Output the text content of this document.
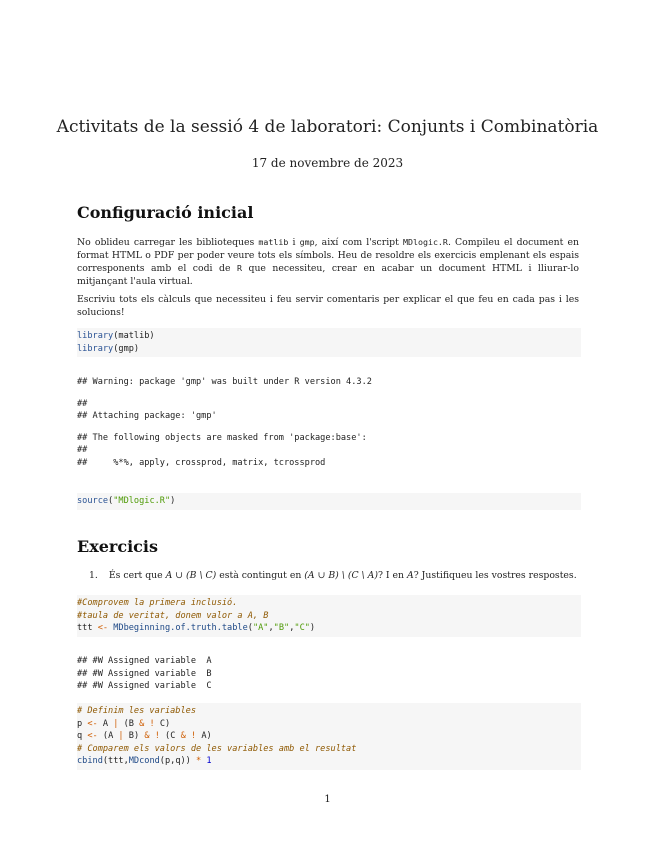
Activitats de la sessió 4 de laboratori: Conjunts i Combinatòria
17 de novembre de 2023
Configuració inicial

No oblideu carregar les biblioteques matlib i gmp, així com l'script MDlogic.R. Compileu el document en format HTML o PDF per poder veure tots els símbols. Heu de resoldre els exercicis emplenant els espais corresponents amb el codi de R que necessiteu, crear en acabar un document HTML i lliurar-lo mitjançant l'aula virtual.

Escriviu tots els càlculs que necessiteu i feu servir comentaris per explicar el que feu en cada pas i les solucions!

library(matlib)
library(gmp)
## Warning: package 'gmp' was built under R version 4.3.2
##
## Attaching package: 'gmp'
## The following objects are masked from 'package:base':
##
##     %*%, apply, crossprod, matrix, tcrossprod
source("MDlogic.R")
Exercicis

1. És cert que A ∪ (B \ C) està contingut en (A ∪ B) \ (C \ A)? I en A? Justifiqueu les vostres respostes.

#Comprovem la primera inclusió.
#taula de veritat, donem valor a A, B
ttt <- MDbeginning.of.truth.table("A","B","C")
## #W Assigned variable  A
## #W Assigned variable  B
## #W Assigned variable  C
# Definim les variables
p <- A | (B & ! C)
q <- (A | B) & ! (C & ! A)
# Comparem els valors de les variables amb el resultat
cbind(ttt,MDcond(p,q)) * 1
1
